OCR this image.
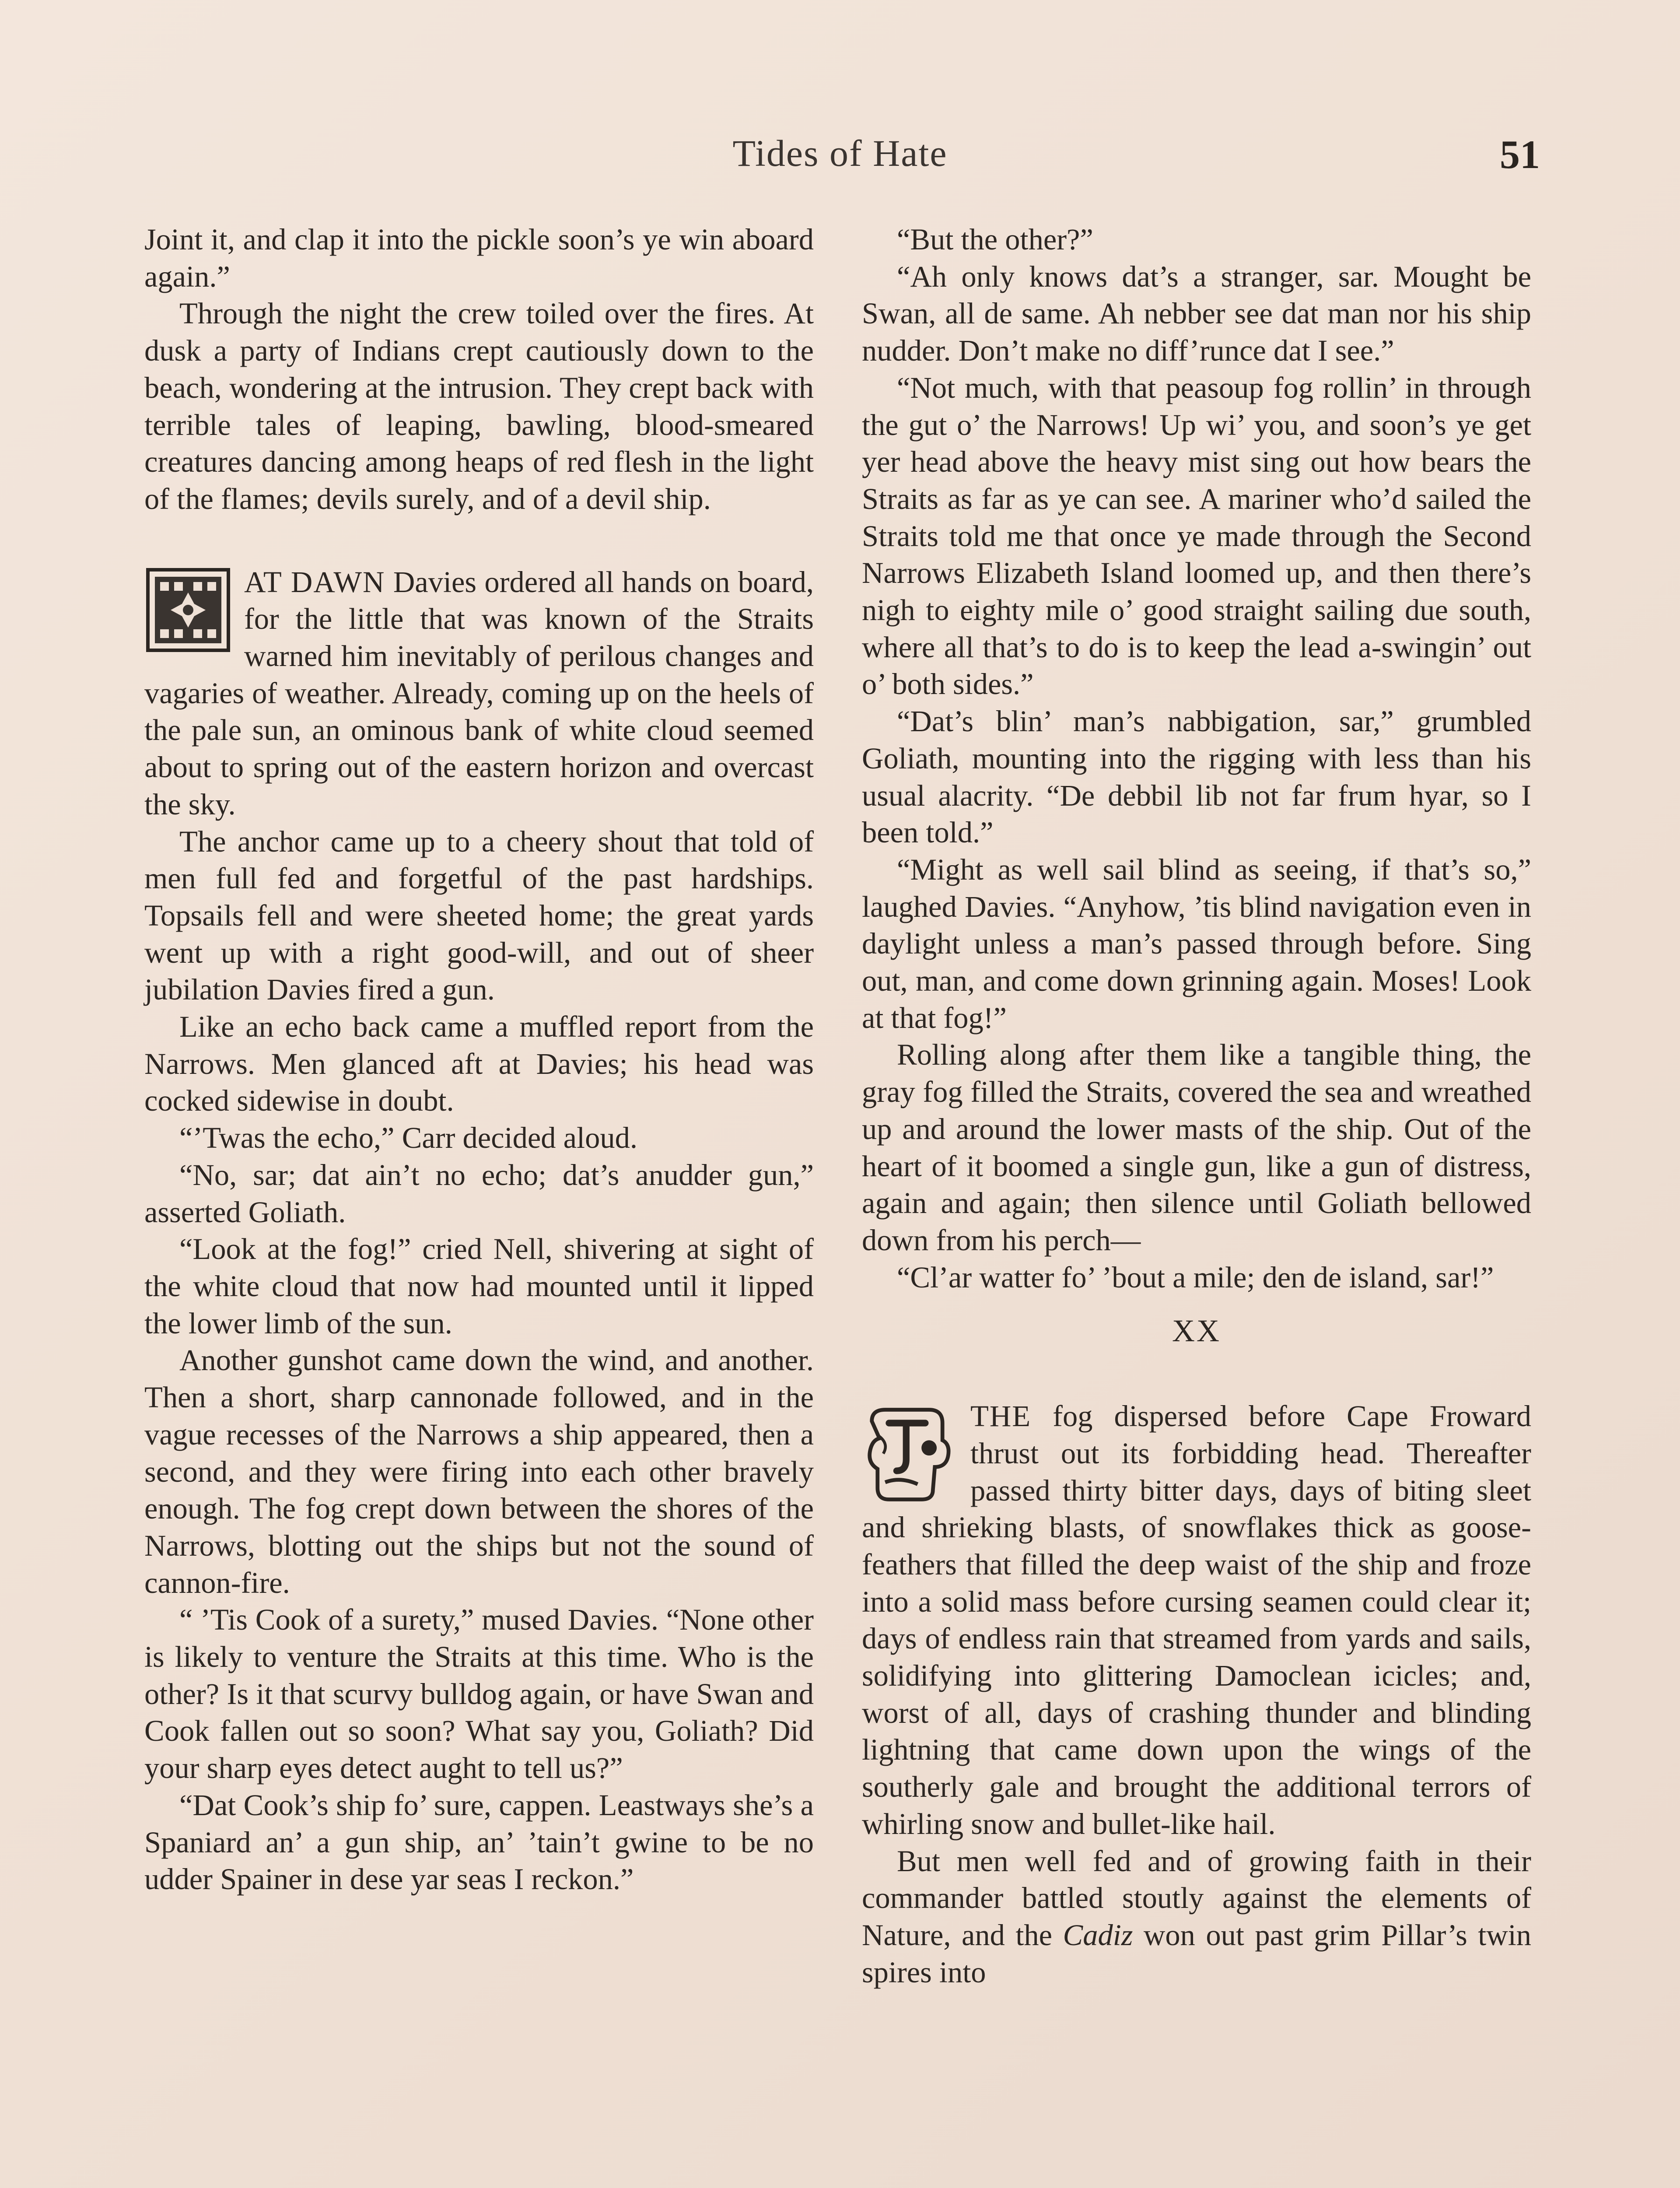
Tides of Hate	51

Joint it, and clap it into the pickle soon’s ye win aboard again.”

Through the night the crew toiled over the fires. At dusk a party of Indians crept cautiously down to the beach, wondering at the intrusion. They crept back with terrible tales of leaping, bawling, blood-smeared creatures dancing among heaps of red flesh in the light of the flames; devils surely, and of a devil ship.

AT DAWN Davies ordered all hands on board, for the little that was known of the Straits warned him inevitably of perilous changes and vagaries of weather. Already, coming up on the heels of the pale sun, an ominous bank of white cloud seemed about to spring out of the eastern horizon and overcast the sky.

The anchor came up to a cheery shout that told of men full fed and forgetful of the past hardships. Topsails fell and were sheeted home; the great yards went up with a right good-will, and out of sheer jubilation Davies fired a gun.

Like an echo back came a muffled report from the Narrows. Men glanced aft at Davies; his head was cocked sidewise in doubt.

“’Twas the echo,” Carr decided aloud.

“No, sar; dat ain’t no echo; dat’s anudder gun,” asserted Goliath.

“Look at the fog!” cried Nell, shivering at sight of the white cloud that now had mounted until it lipped the lower limb of the sun.

Another gunshot came down the wind, and another. Then a short, sharp cannonade followed, and in the vague recesses of the Narrows a ship appeared, then a second, and they were firing into each other bravely enough. The fog crept down between the shores of the Narrows, blotting out the ships but not the sound of cannon-fire.

“ ’Tis Cook of a surety,” mused Davies. “None other is likely to venture the Straits at this time. Who is the other? Is it that scurvy bulldog again, or have Swan and Cook fallen out so soon? What say you, Goliath? Did your sharp eyes detect aught to tell us?”

“Dat Cook’s ship fo’ sure, cappen. Leastways she’s a Spaniard an’ a gun ship, an’ ’tain’t gwine to be no udder Spainer in dese yar seas I reckon.”

“But the other?”

“Ah only knows dat’s a stranger, sar. Mought be Swan, all de same. Ah nebber see dat man nor his ship nudder. Don’t make no diff’runce dat I see.”

“Not much, with that peasoup fog rollin’ in through the gut o’ the Narrows! Up wi’ you, and soon’s ye get yer head above the heavy mist sing out how bears the Straits as far as ye can see. A mariner who’d sailed the Straits told me that once ye made through the Second Narrows Elizabeth Island loomed up, and then there’s nigh to eighty mile o’ good straight sailing due south, where all that’s to do is to keep the lead a-swingin’ out o’ both sides.”

“Dat’s blin’ man’s nabbigation, sar,” grumbled Goliath, mounting into the rigging with less than his usual alacrity. “De debbil lib not far frum hyar, so I been told.”

“Might as well sail blind as seeing, if that’s so,” laughed Davies. “Anyhow, ’tis blind navigation even in daylight unless a man’s passed through before. Sing out, man, and come down grinning again. Moses! Look at that fog!”

Rolling along after them like a tangible thing, the gray fog filled the Straits, covered the sea and wreathed up and around the lower masts of the ship. Out of the heart of it boomed a single gun, like a gun of distress, again and again; then silence until Goliath bellowed down from his perch—

“Cl’ar watter fo’ ’bout a mile; den de island, sar!”

XX

THE fog dispersed before Cape Froward thrust out its forbidding head. Thereafter passed thirty bitter days, days of biting sleet and shrieking blasts, of snowflakes thick as goose-feathers that filled the deep waist of the ship and froze into a solid mass before cursing seamen could clear it; days of endless rain that streamed from yards and sails, solidifying into glittering Damoclean icicles; and, worst of all, days of crashing thunder and blinding lightning that came down upon the wings of the southerly gale and brought the additional terrors of whirling snow and bullet-like hail.

But men well fed and of growing faith in their commander battled stoutly against the elements of Nature, and the Cadiz won out past grim Pillar’s twin spires into
